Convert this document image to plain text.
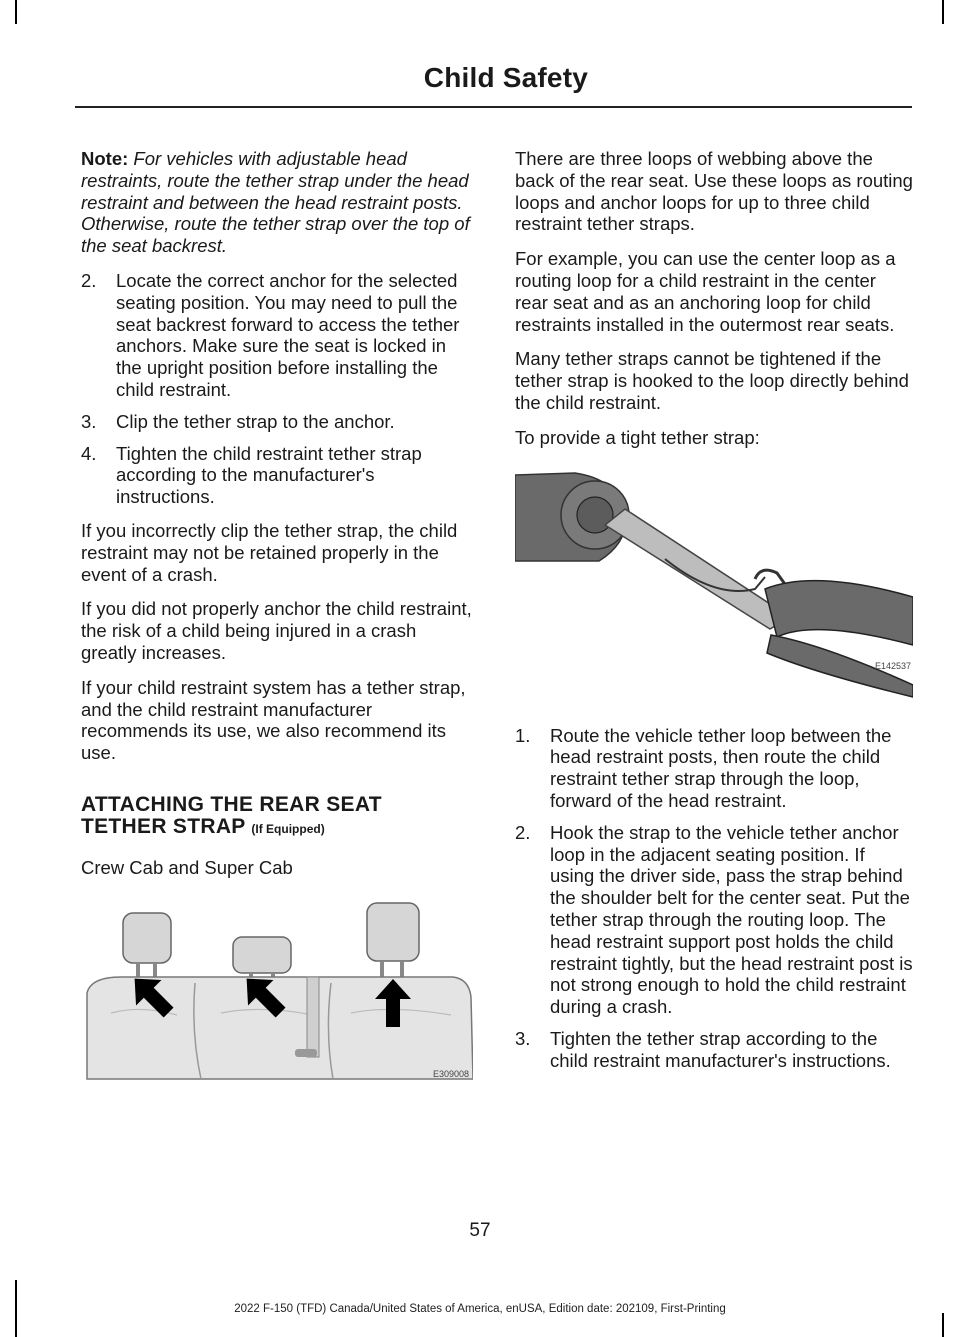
Child Safety

Note: For vehicles with adjustable head restraints, route the tether strap under the head restraint and between the head restraint posts. Otherwise, route the tether strap over the top of the seat backrest.

2. Locate the correct anchor for the selected seating position. You may need to pull the seat backrest forward to access the tether anchors. Make sure the seat is locked in the upright position before installing the child restraint.
3. Clip the tether strap to the anchor.
4. Tighten the child restraint tether strap according to the manufacturer's instructions.

If you incorrectly clip the tether strap, the child restraint may not be retained properly in the event of a crash.

If you did not properly anchor the child restraint, the risk of a child being injured in a crash greatly increases.

If your child restraint system has a tether strap, and the child restraint manufacturer recommends its use, we also recommend its use.

ATTACHING THE REAR SEAT TETHER STRAP (If Equipped)

Crew Cab and Super Cab

E309008

There are three loops of webbing above the back of the rear seat. Use these loops as routing loops and anchor loops for up to three child restraint tether straps.

For example, you can use the center loop as a routing loop for a child restraint in the center rear seat and as an anchoring loop for child restraints installed in the outermost rear seats.

Many tether straps cannot be tightened if the tether strap is hooked to the loop directly behind the child restraint.

To provide a tight tether strap:

E142537
1. Route the vehicle tether loop between the head restraint posts, then route the child restraint tether strap through the loop, forward of the head restraint.
2. Hook the strap to the vehicle tether anchor loop in the adjacent seating position. If using the driver side, pass the strap behind the shoulder belt for the center seat. Put the tether strap through the routing loop. The head restraint support post holds the child restraint tightly, but the head restraint post is not strong enough to hold the child restraint during a crash.
3. Tighten the tether strap according to the child restraint manufacturer's instructions.
57
2022 F-150 (TFD) Canada/United States of America, enUSA, Edition date: 202109, First-Printing
